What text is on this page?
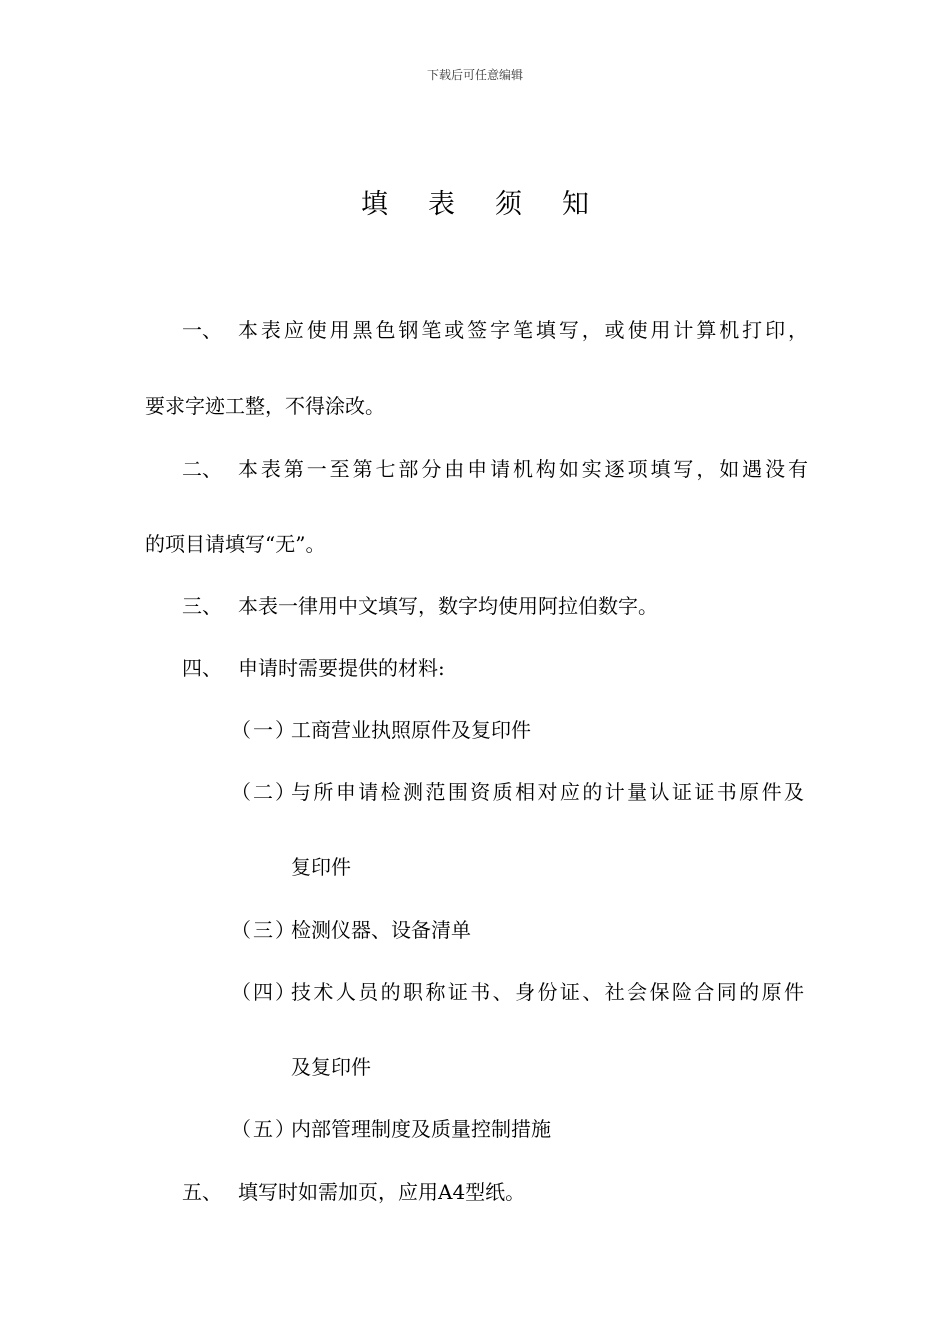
下载后可任意编辑
填 表 须 知
一、 本表应使用黑色钢笔或签字笔填写，或使用计算机打印，
要求字迹工整，不得涂改。
二、 本表第一至第七部分由申请机构如实逐项填写，如遇没有
的项目请填写“无”。
三、 本表一律用中文填写，数字均使用阿拉伯数字。
四、 申请时需要提供的材料:
（一）工商营业执照原件及复印件
（二）与所申请检测范围资质相对应的计量认证证书原件及
复印件
（三）检测仪器、设备清单
（四）技术人员的职称证书、身份证、社会保险合同的原件
及复印件
（五）内部管理制度及质量控制措施
五、 填写时如需加页，应用A4型纸。
